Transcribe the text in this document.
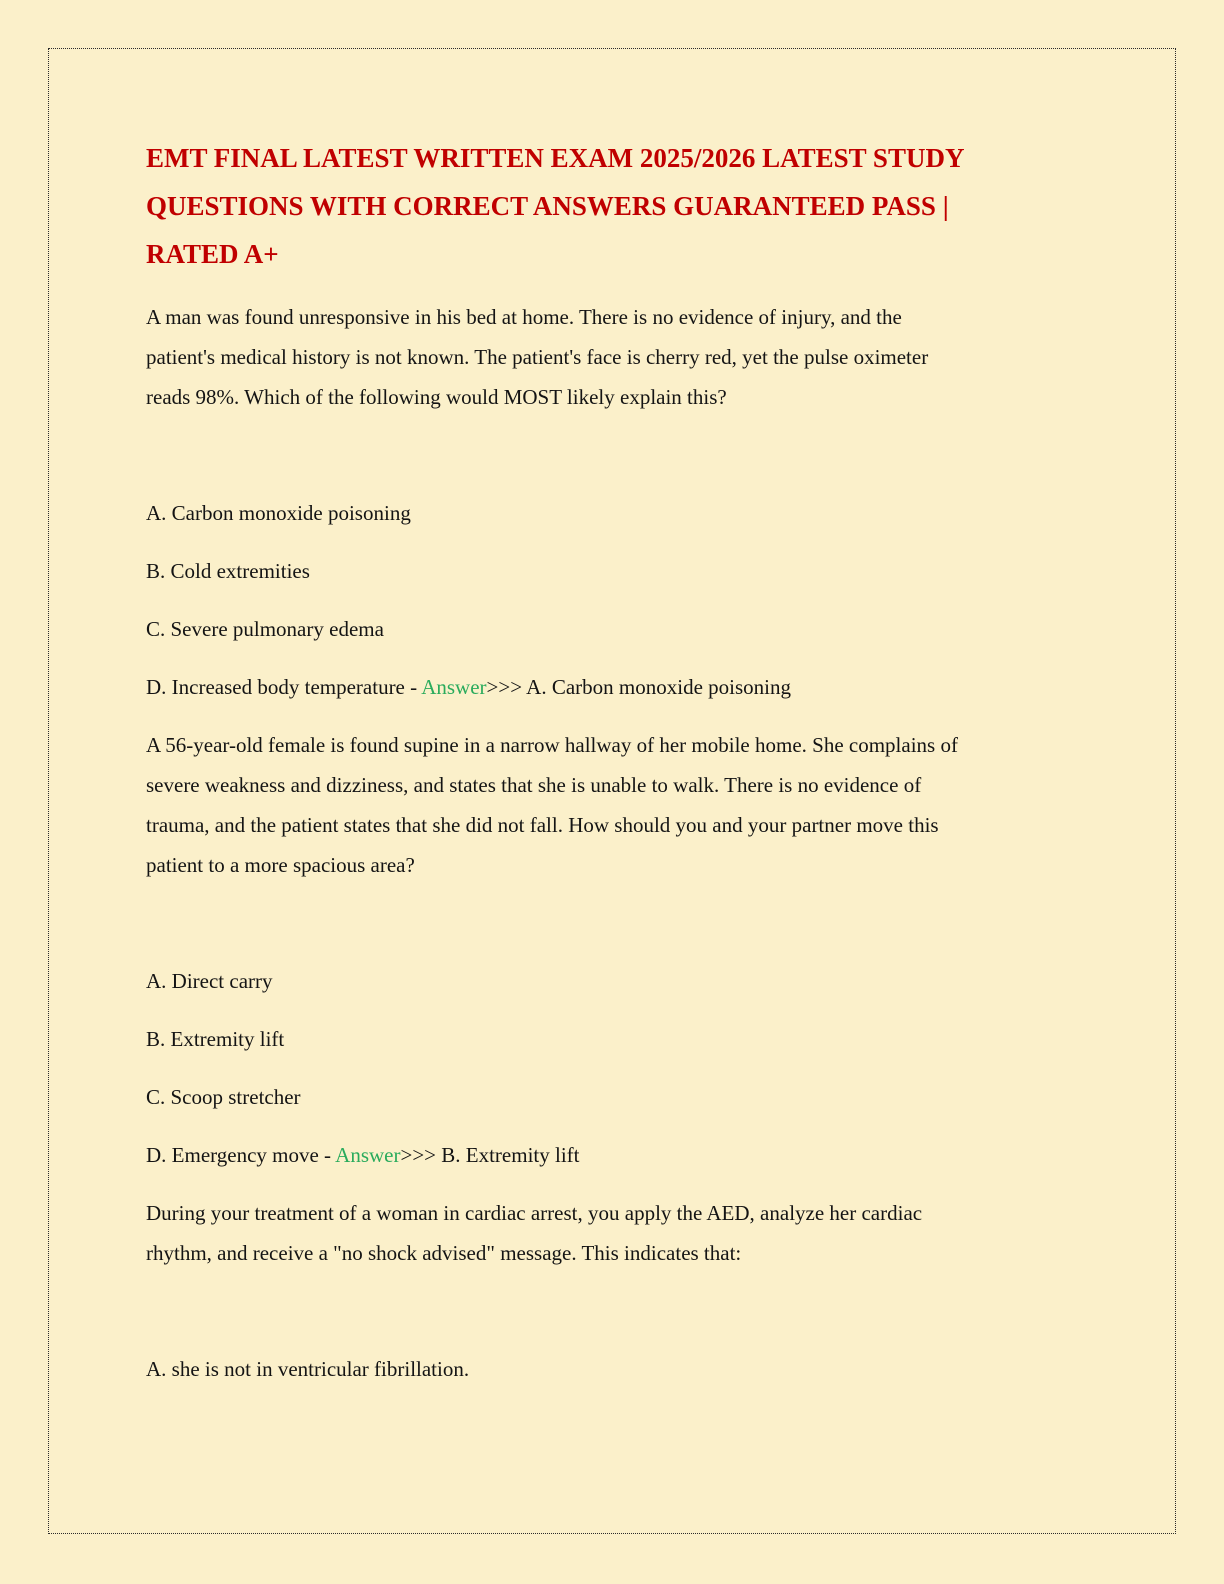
EMT FINAL LATEST WRITTEN EXAM 2025/2026 LATEST STUDY
QUESTIONS WITH CORRECT ANSWERS GUARANTEED PASS |
RATED A+
A man was found unresponsive in his bed at home. There is no evidence of injury, and the
patient's medical history is not known. The patient's face is cherry red, yet the pulse oximeter
reads 98%. Which of the following would MOST likely explain this?
A. Carbon monoxide poisoning
B. Cold extremities
C. Severe pulmonary edema
D. Increased body temperature - Answer>>> A. Carbon monoxide poisoning
A 56-year-old female is found supine in a narrow hallway of her mobile home. She complains of
severe weakness and dizziness, and states that she is unable to walk. There is no evidence of
trauma, and the patient states that she did not fall. How should you and your partner move this
patient to a more spacious area?
A. Direct carry
B. Extremity lift
C. Scoop stretcher
D. Emergency move - Answer>>> B. Extremity lift
During your treatment of a woman in cardiac arrest, you apply the AED, analyze her cardiac
rhythm, and receive a "no shock advised" message. This indicates that:
A. she is not in ventricular fibrillation.
